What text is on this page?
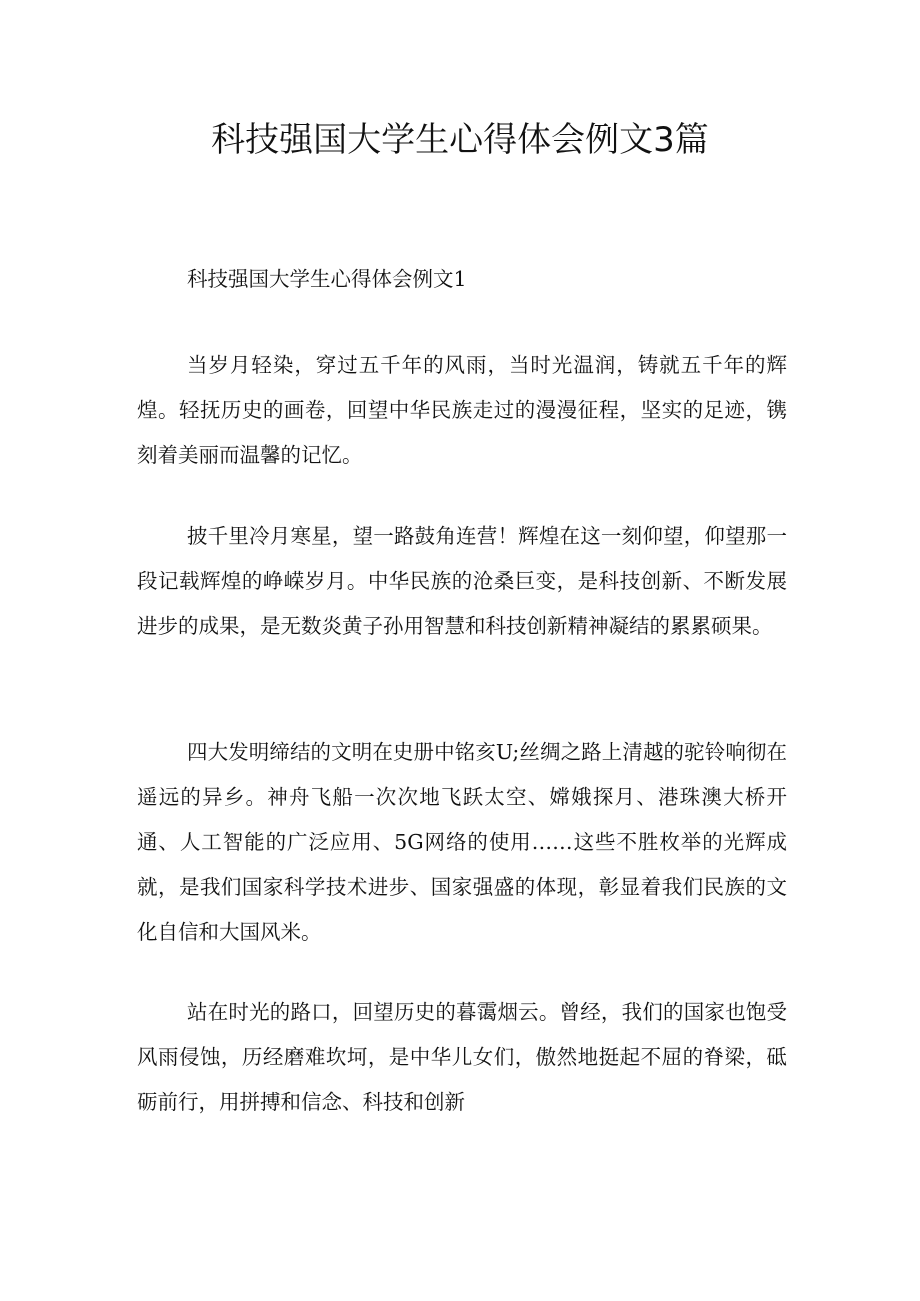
科技强国大学生心得体会例文3篇

科技强国大学生心得体会例文1

当岁月轻染，穿过五千年的风雨，当时光温润，铸就五千年的辉煌。轻抚历史的画卷，回望中华民族走过的漫漫征程，坚实的足迹，镌刻着美丽而温馨的记忆。

披千里冷月寒星，望一路鼓角连营！辉煌在这一刻仰望，仰望那一段记载辉煌的峥嵘岁月。中华民族的沧桑巨变，是科技创新、不断发展进步的成果，是无数炎黄子孙用智慧和科技创新精神凝结的累累硕果。

四大发明缔结的文明在史册中铭亥U;丝绸之路上清越的驼铃响彻在遥远的异乡。神舟飞船一次次地飞跃太空、嫦娥探月、港珠澳大桥开通、人工智能的广泛应用、5G网络的使用……这些不胜枚举的光辉成就，是我们国家科学技术进步、国家强盛的体现，彰显着我们民族的文化自信和大国风米。

站在时光的路口，回望历史的暮霭烟云。曾经，我们的国家也饱受风雨侵蚀，历经磨难坎坷，是中华儿女们，傲然地挺起不屈的脊梁，砥砺前行，用拼搏和信念、科技和创新
